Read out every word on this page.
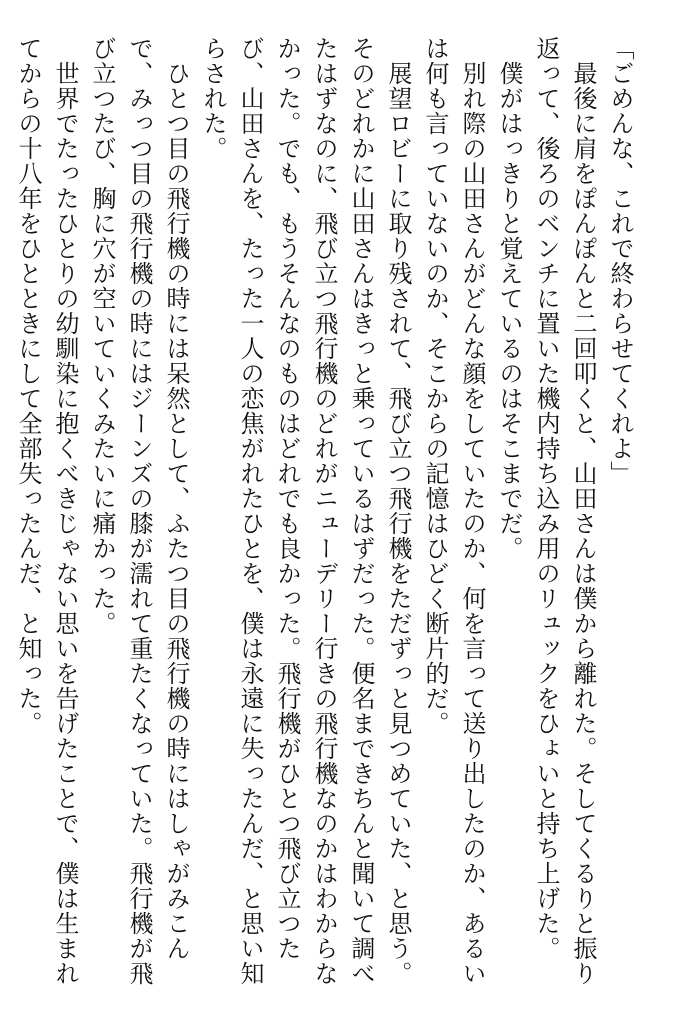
「ごめんな、これで終わらせてくれよ」

　最後に肩をぽんぽんと二回叩くと、山田さんは僕から離れた。そしてくるりと振り返って、後ろのベンチに置いた機内持ち込み用のリュックをひょいと持ち上げた。

　僕がはっきりと覚えているのはそこまでだ。

　別れ際の山田さんがどんな顔をしていたのか、何を言って送り出したのか、あるいは何も言っていないのか、そこからの記憶はひどく断片的だ。

　展望ロビーに取り残されて、飛び立つ飛行機をただずっと見つめていた、と思う。そのどれかに山田さんはきっと乗っているはずだった。便名まできちんと聞いて調べたはずなのに、飛び立つ飛行機のどれがニューデリー行きの飛行機なのかはわからなかった。でも、もうそんなのものはどれでも良かった。飛行機がひとつ飛び立つたび、山田さんを、たった一人の恋焦がれたひとを、僕は永遠に失ったんだ、と思い知らされた。

　ひとつ目の飛行機の時には呆然として、ふたつ目の飛行機の時にはしゃがみこんで、みっつ目の飛行機の時にはジーンズの膝が濡れて重たくなっていた。飛行機が飛び立つたび、胸に穴が空いていくみたいに痛かった。

　世界でたったひとりの幼馴染に抱くべきじゃない思いを告げたことで、僕は生まれてからの十八年をひとときにして全部失ったんだ、と知った。
